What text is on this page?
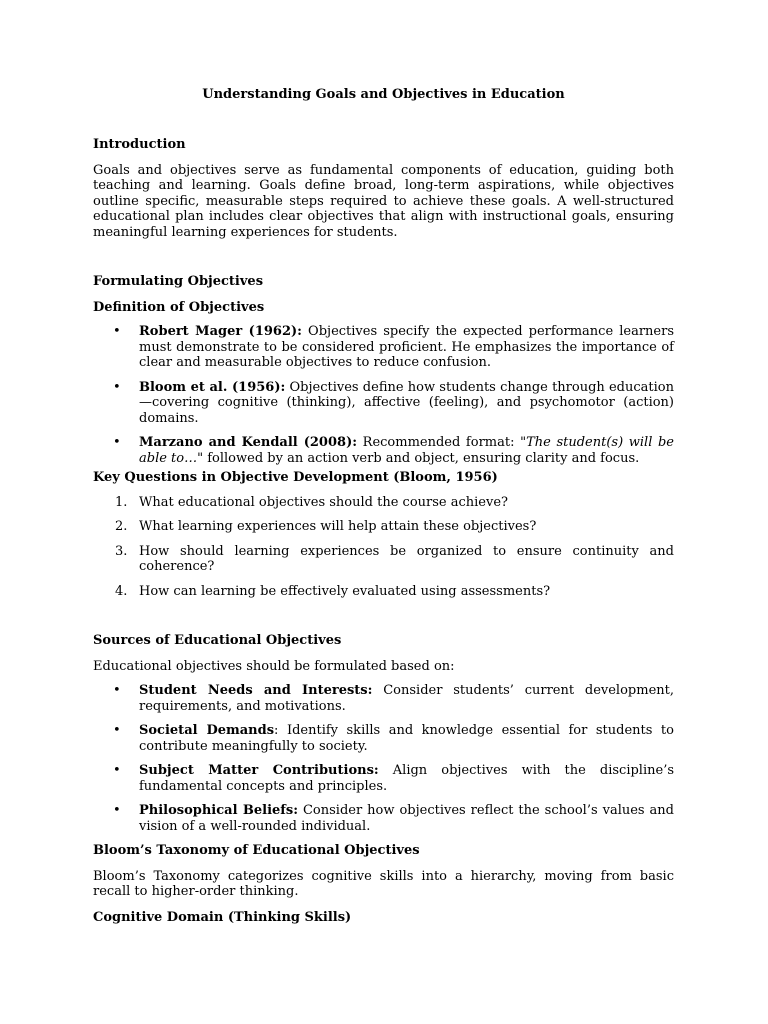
Understanding Goals and Objectives in Education

Introduction

Goals and objectives serve as fundamental components of education, guiding both teaching and learning. Goals define broad, long-term aspirations, while objectives outline specific, measurable steps required to achieve these goals. A well-structured educational plan includes clear objectives that align with instructional goals, ensuring meaningful learning experiences for students.

Formulating Objectives

Definition of Objectives

• Robert Mager (1962): Objectives specify the expected performance learners must demonstrate to be considered proficient. He emphasizes the importance of clear and measurable objectives to reduce confusion.
• Bloom et al. (1956): Objectives define how students change through education —covering cognitive (thinking), affective (feeling), and psychomotor (action) domains.
• Marzano and Kendall (2008): Recommended format: "The student(s) will be able to…" followed by an action verb and object, ensuring clarity and focus.

Key Questions in Objective Development (Bloom, 1956)

1. What educational objectives should the course achieve?
2. What learning experiences will help attain these objectives?
3. How should learning experiences be organized to ensure continuity and coherence?
4. How can learning be effectively evaluated using assessments?

Sources of Educational Objectives

Educational objectives should be formulated based on:

• Student Needs and Interests: Consider students’ current development, requirements, and motivations.
• Societal Demands: Identify skills and knowledge essential for students to contribute meaningfully to society.
• Subject Matter Contributions: Align objectives with the discipline’s fundamental concepts and principles.
• Philosophical Beliefs: Consider how objectives reflect the school’s values and vision of a well-rounded individual.

Bloom’s Taxonomy of Educational Objectives

Bloom’s Taxonomy categorizes cognitive skills into a hierarchy, moving from basic recall to higher-order thinking.

Cognitive Domain (Thinking Skills)
